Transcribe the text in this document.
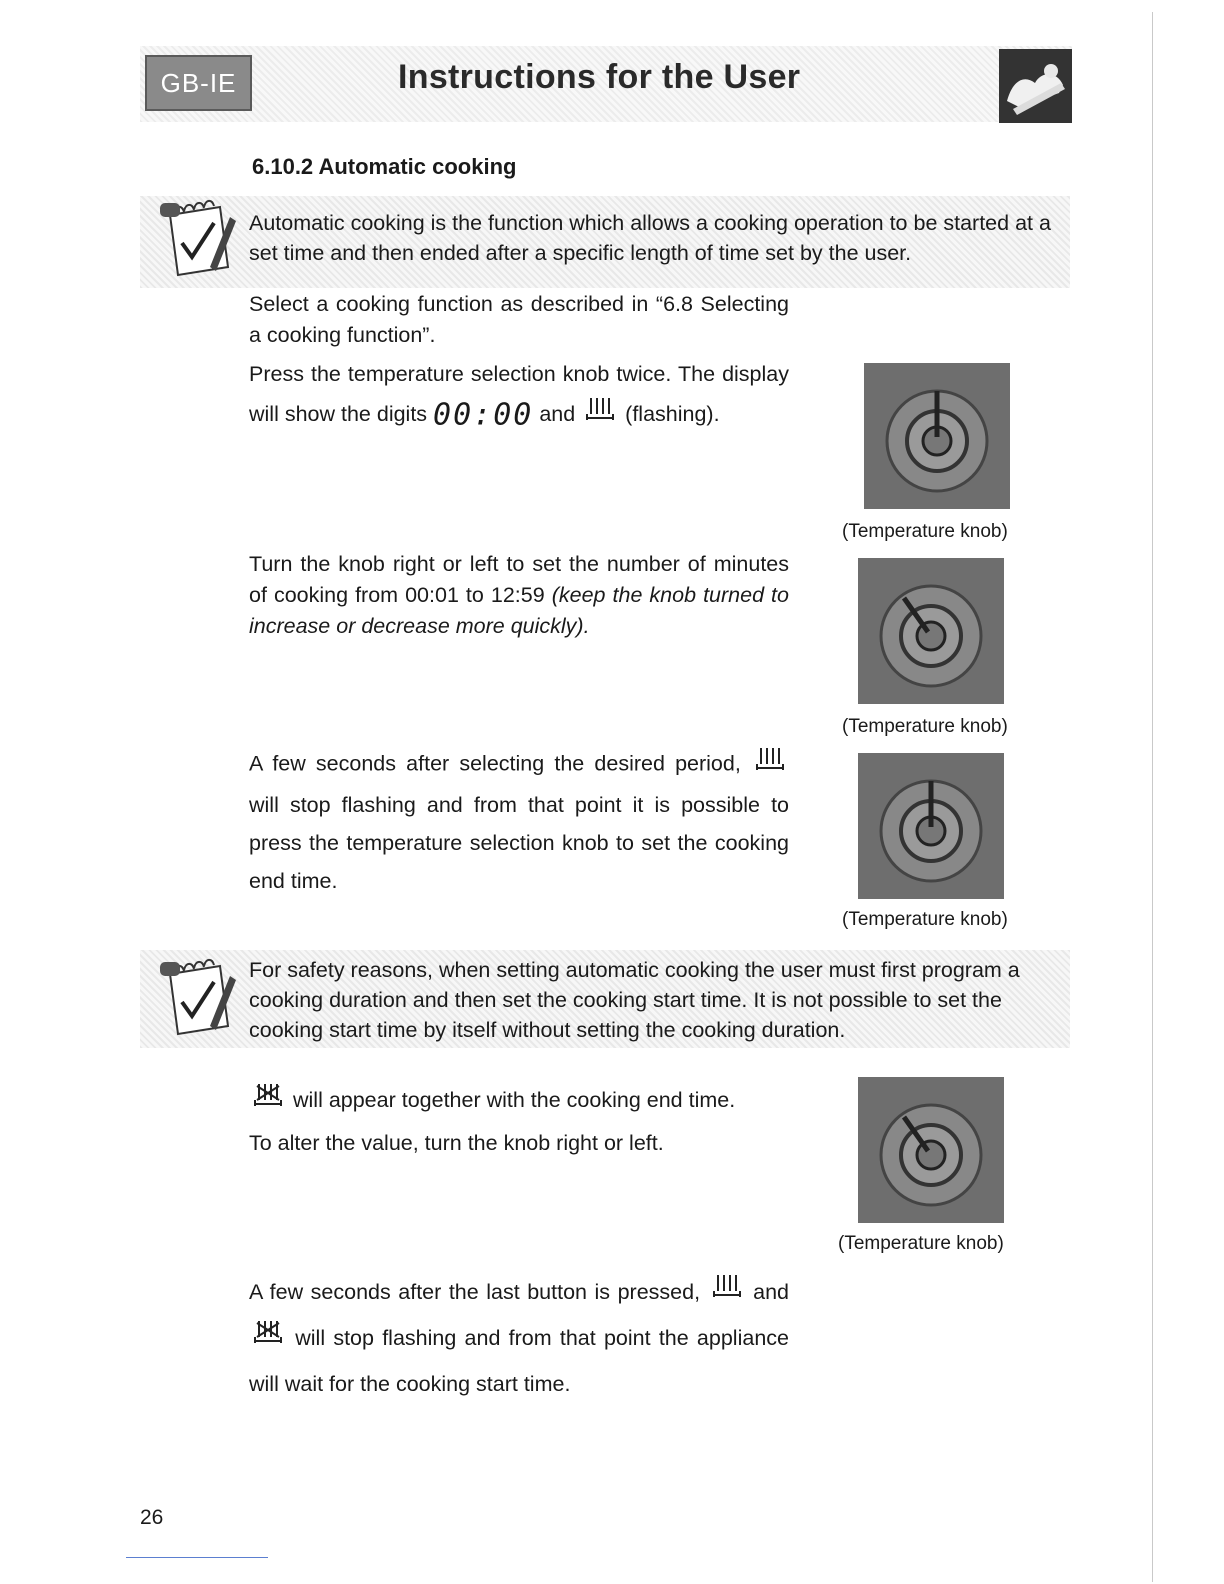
GB-IE	Instructions for the User
6.10.2 Automatic cooking
Automatic cooking is the function which allows a cooking operation to be started at a set time and then ended after a specific length of time set by the user.
Select a cooking function as described in “6.8 Selecting a cooking function”.
Press the temperature selection knob twice. The display will show the digits 00:00 and (flashing).
Turn the knob right or left to set the number of minutes of cooking from 00:01 to 12:59 (keep the knob turned to increase or decrease more quickly).
A few seconds after selecting the desired period,  will stop flashing and from that point it is possible to press the temperature selection knob to set the cooking end time.
(Temperature knob)
(Temperature knob)
(Temperature knob)
For safety reasons, when setting automatic cooking the user must first program a cooking duration and then set the cooking start time. It is not possible to set the cooking start time by itself without setting the cooking duration.
will appear together with the cooking end time.
To alter the value, turn the knob right or left.
(Temperature knob)
A few seconds after the last button is pressed, and  will stop flashing and from that point the appliance will wait for the cooking start time.
26
